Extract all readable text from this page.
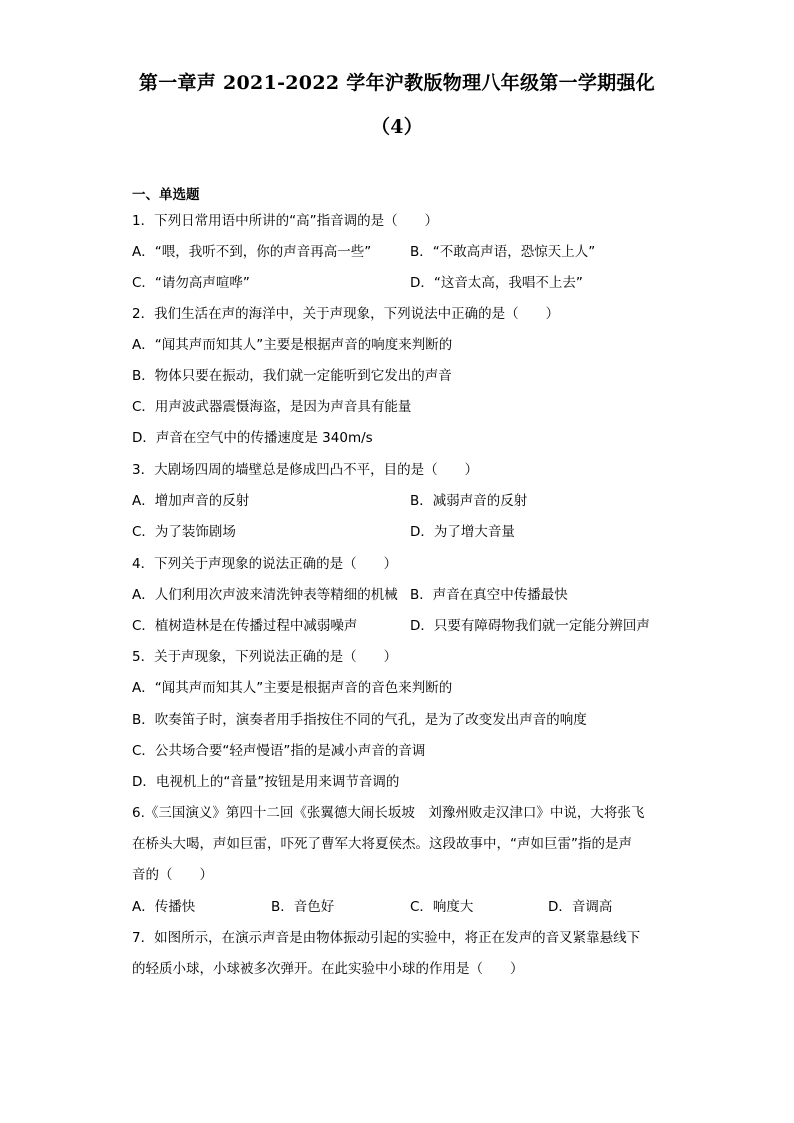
第一章声 2021-2022 学年沪教版物理八年级第一学期强化
（4）
一、单选题
1．下列日常用语中所讲的“高”指音调的是（　　）
A．“喂，我听不到，你的声音再高一些”	B．“不敢高声语，恐惊天上人”
C．“请勿高声喧哗”	D．“这音太高，我唱不上去”
2．我们生活在声的海洋中，关于声现象，下列说法中正确的是（　　）
A．“闻其声而知其人”主要是根据声音的响度来判断的
B．物体只要在振动，我们就一定能听到它发出的声音
C．用声波武器震慑海盗，是因为声音具有能量
D．声音在空气中的传播速度是 340m/s
3．大剧场四周的墙壁总是修成凹凸不平，目的是（　　）
A．增加声音的反射	B．减弱声音的反射
C．为了装饰剧场	D．为了增大音量
4．下列关于声现象的说法正确的是（　　）
A．人们利用次声波来清洗钟表等精细的机械 B．声音在真空中传播最快
C．植树造林是在传播过程中减弱噪声	D．只要有障碍物我们就一定能分辨回声
5．关于声现象，下列说法正确的是（　　）
A．“闻其声而知其人”主要是根据声音的音色来判断的
B．吹奏笛子时，演奏者用手指按住不同的气孔，是为了改变发出声音的响度
C．公共场合要“轻声慢语”指的是减小声音的音调
D．电视机上的“音量”按钮是用来调节音调的
6.《三国演义》第四十二回《张翼德大闹长坂坡　刘豫州败走汉津口》中说，大将张飞
在桥头大喝，声如巨雷，吓死了曹军大将夏侯杰。这段故事中，“声如巨雷”指的是声
音的（　　）
A．传播快	B．音色好	C．响度大	D．音调高
7．如图所示，在演示声音是由物体振动引起的实验中，将正在发声的音叉紧靠悬线下
的轻质小球，小球被多次弹开。在此实验中小球的作用是（　　）
